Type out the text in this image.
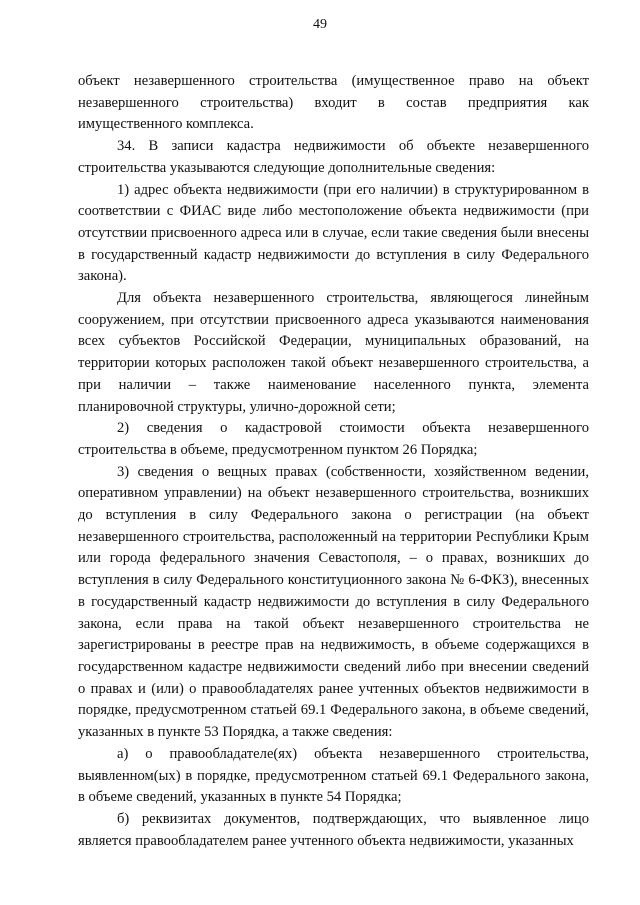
49

объект незавершенного строительства (имущественное право на объект незавершенного строительства) входит в состав предприятия как имущественного комплекса.

34. В записи кадастра недвижимости об объекте незавершенного строительства указываются следующие дополнительные сведения:

1) адрес объекта недвижимости (при его наличии) в структурированном в соответствии с ФИАС виде либо местоположение объекта недвижимости (при отсутствии присвоенного адреса или в случае, если такие сведения были внесены в государственный кадастр недвижимости до вступления в силу Федерального закона).

Для объекта незавершенного строительства, являющегося линейным сооружением, при отсутствии присвоенного адреса указываются наименования всех субъектов Российской Федерации, муниципальных образований, на территории которых расположен такой объект незавершенного строительства, а при наличии – также наименование населенного пункта, элемента планировочной структуры, улично-дорожной сети;

2) сведения о кадастровой стоимости объекта незавершенного строительства в объеме, предусмотренном пунктом 26 Порядка;

3) сведения о вещных правах (собственности, хозяйственном ведении, оперативном управлении) на объект незавершенного строительства, возникших до вступления в силу Федерального закона о регистрации (на объект незавершенного строительства, расположенный на территории Республики Крым или города федерального значения Севастополя, – о правах, возникших до вступления в силу Федерального конституционного закона № 6-ФКЗ), внесенных в государственный кадастр недвижимости до вступления в силу Федерального закона, если права на такой объект незавершенного строительства не зарегистрированы в реестре прав на недвижимость, в объеме содержащихся в государственном кадастре недвижимости сведений либо при внесении сведений о правах и (или) о правообладателях ранее учтенных объектов недвижимости в порядке, предусмотренном статьей 69.1 Федерального закона, в объеме сведений, указанных в пункте 53 Порядка, а также сведения:

а) о правообладателе(ях) объекта незавершенного строительства, выявленном(ых) в порядке, предусмотренном статьей 69.1 Федерального закона, в объеме сведений, указанных в пункте 54 Порядка;

б) реквизитах документов, подтверждающих, что выявленное лицо является правообладателем ранее учтенного объекта недвижимости, указанных
